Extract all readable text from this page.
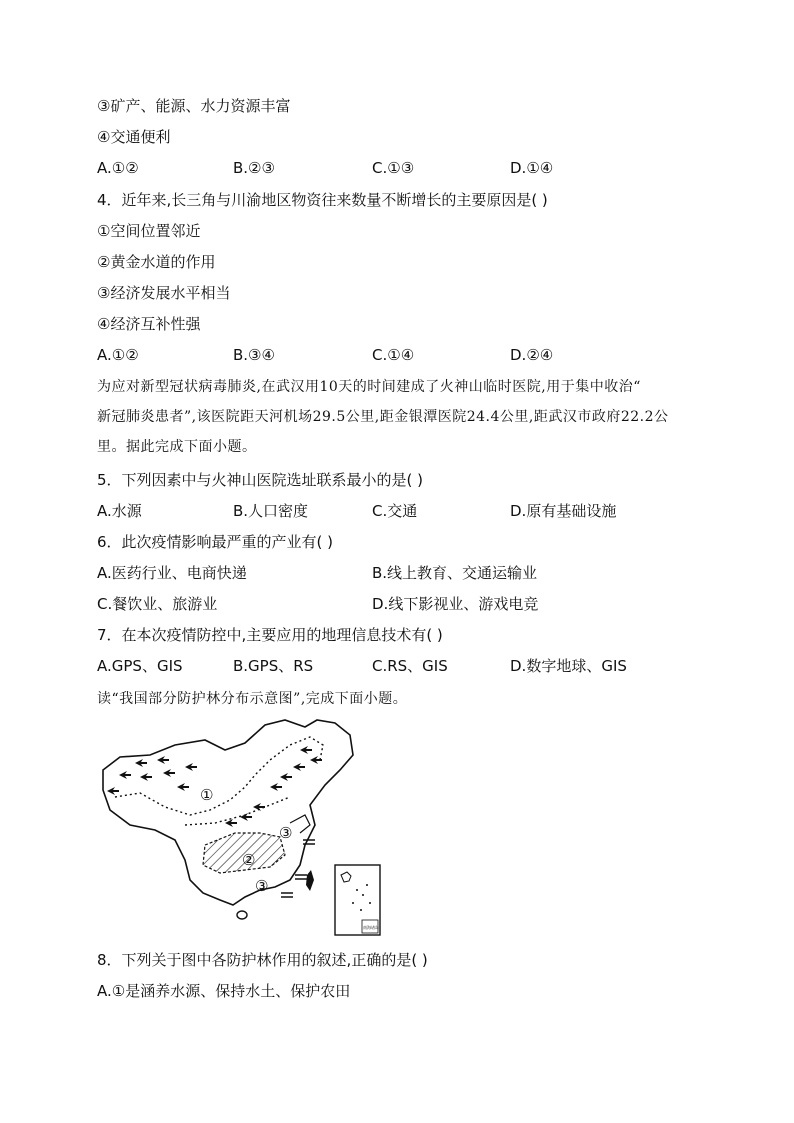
③矿产、能源、水力资源丰富
④交通便利
A.①②	B.②③	C.①③	D.①④
4．近年来,长三角与川渝地区物资往来数量不断增长的主要原因是( )
①空间位置邻近
②黄金水道的作用
③经济发展水平相当
④经济互补性强
A.①②	B.③④	C.①④	D.②④
为应对新型冠状病毒肺炎,在武汉用10天的时间建成了火神山临时医院,用于集中收治“
新冠肺炎患者”,该医院距天河机场29.5公里,距金银潭医院24.4公里,距武汉市政府22.2公
里。据此完成下面小题。
5．下列因素中与火神山医院选址联系最小的是( )
A.水源	B.人口密度	C.交通	D.原有基础设施
6．此次疫情影响最严重的产业有( )
A.医药行业、电商快递	B.线上教育、交通运输业
C.餐饮业、旅游业	D.线下影视业、游戏电竞
7．在本次疫情防控中,主要应用的地理信息技术有( )
A.GPS、GIS	B.GPS、RS	C.RS、GIS	D.数字地球、GIS
读“我国部分防护林分布示意图”,完成下面小题。
①
②
③
③
南海诸岛
8．下列关于图中各防护林作用的叙述,正确的是( )
A.①是涵养水源、保持水土、保护农田
